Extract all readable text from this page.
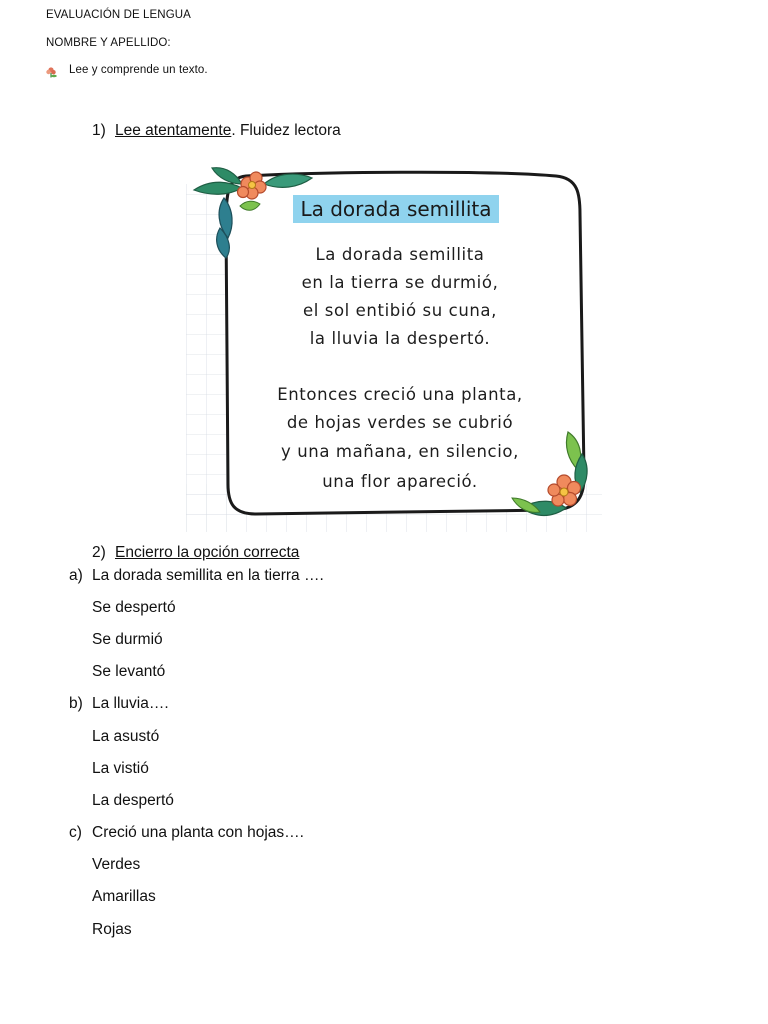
EVALUACIÓN DE LENGUA
NOMBRE Y APELLIDO:
Lee y comprende un texto.
1) Lee atentamente. Fluidez lectora
La dorada semillita
La dorada semillita
en la tierra se durmió,
el sol entibió su cuna,
la lluvia la despertó.
Entonces creció una planta,
de hojas verdes se cubrió
y una mañana, en silencio,
una flor apareció.
2) Encierro la opción correcta
a) La dorada semillita en la tierra ….
Se despertó
Se durmió
Se levantó
b) La lluvia….
La asustó
La vistió
La despertó
c) Creció una planta con hojas….
Verdes
Amarillas
Rojas
